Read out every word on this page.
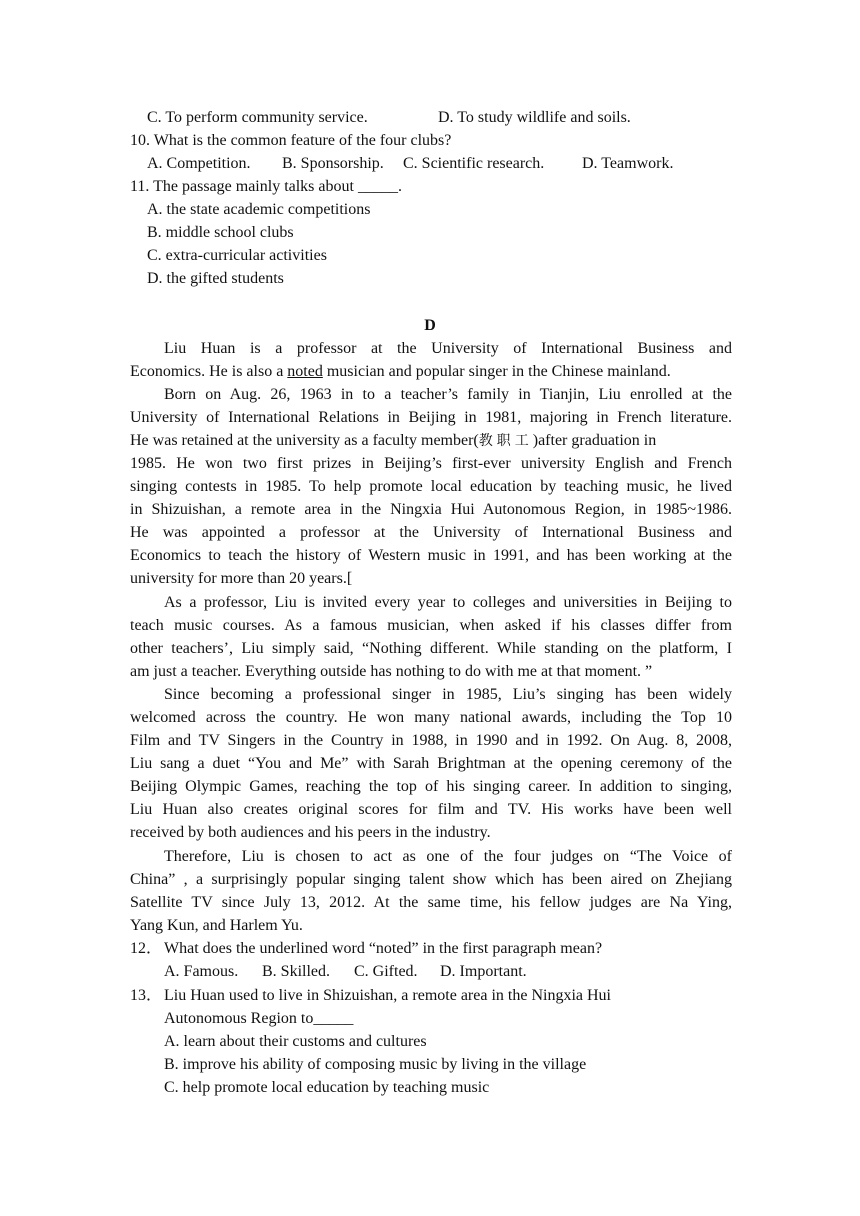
C. To perform community service.	D. To study wildlife and soils.
10. What is the common feature of the four clubs?
A. Competition. B. Sponsorship. C. Scientific research. D. Teamwork.
11. The passage mainly talks about _____.
A. the state academic competitions
B. middle school clubs
C. extra-curricular activities
D. the gifted students
D
Liu Huan is a professor at the University of International Business and
Economics. He is also a noted musician and popular singer in the Chinese mainland.
Born on Aug. 26, 1963 in to a teacher’s family in Tianjin, Liu enrolled at the
University of International Relations in Beijing in 1981, majoring in French literature.
He was retained at the university as a faculty member(教职工)after graduation in
1985. He won two first prizes in Beijing’s first-ever university English and French
singing contests in 1985. To help promote local education by teaching music, he lived
in Shizuishan, a remote area in the Ningxia Hui Autonomous Region, in 1985~1986.
He was appointed a professor at the University of International Business and
Economics to teach the history of Western music in 1991, and has been working at the
university for more than 20 years.[
As a professor, Liu is invited every year to colleges and universities in Beijing to
teach music courses. As a famous musician, when asked if his classes differ from
other teachers’, Liu simply said, “Nothing different. While standing on the platform, I
am just a teacher. Everything outside has nothing to do with me at that moment. ”
Since becoming a professional singer in 1985, Liu’s singing has been widely
welcomed across the country. He won many national awards, including the Top 10
Film and TV Singers in the Country in 1988, in 1990 and in 1992. On Aug. 8, 2008,
Liu sang a duet “You and Me” with Sarah Brightman at the opening ceremony of the
Beijing Olympic Games, reaching the top of his singing career. In addition to singing,
Liu Huan also creates original scores for film and TV. His works have been well
received by both audiences and his peers in the industry.
Therefore, Liu is chosen to act as one of the four judges on “The Voice of
China” , a surprisingly popular singing talent show which has been aired on Zhejiang
Satellite TV since July 13, 2012. At the same time, his fellow judges are Na Ying,
Yang Kun, and Harlem Yu.
12． What does the underlined word “noted” in the first paragraph mean?
A. Famous. B. Skilled. C. Gifted. D. Important.
13． Liu Huan used to live in Shizuishan, a remote area in the Ningxia Hui
Autonomous Region to_____
A. learn about their customs and cultures
B. improve his ability of composing music by living in the village
C. help promote local education by teaching music
